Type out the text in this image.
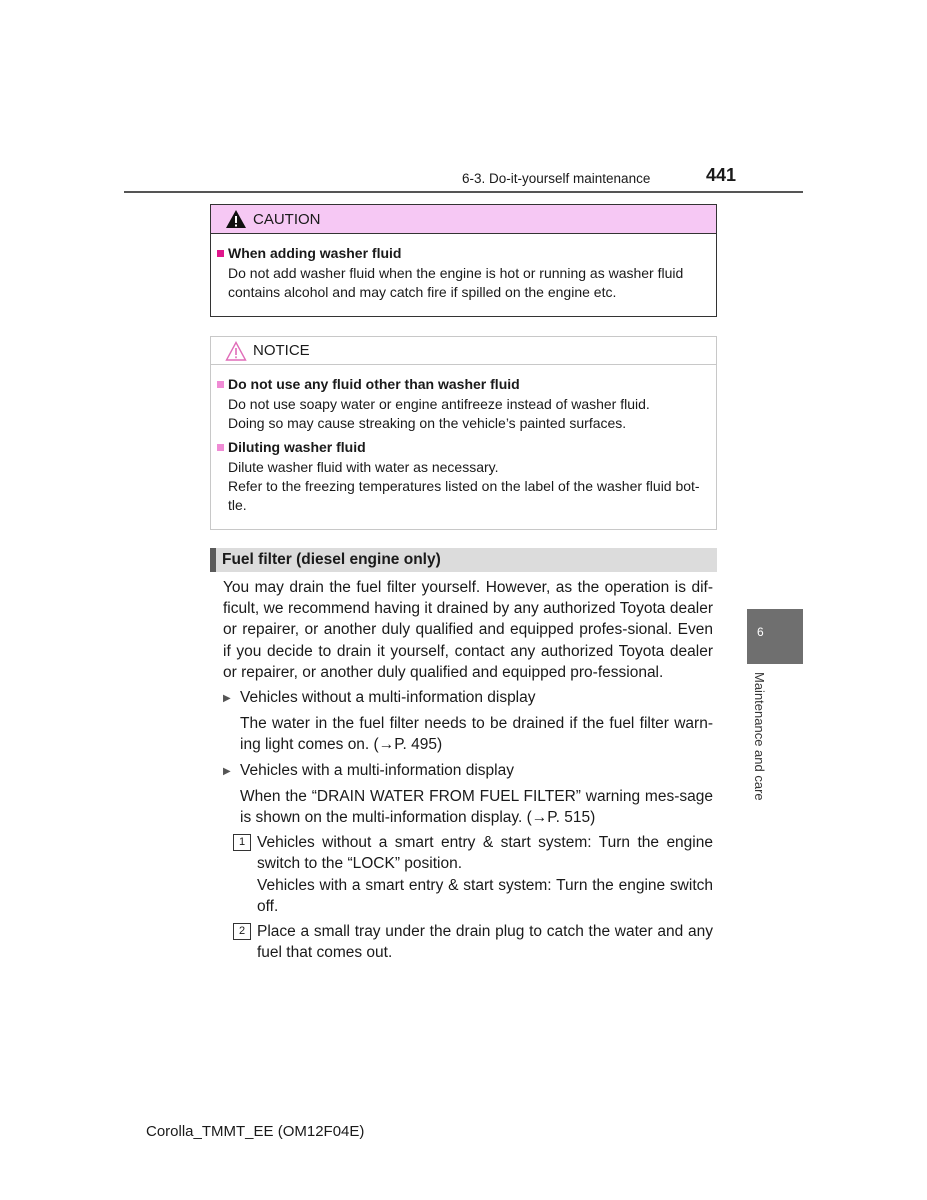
6-3. Do-it-yourself maintenance	441
CAUTION
When adding washer fluid
Do not add washer fluid when the engine is hot or running as washer fluid contains alcohol and may catch fire if spilled on the engine etc.
NOTICE
Do not use any fluid other than washer fluid
Do not use soapy water or engine antifreeze instead of washer fluid.
Doing so may cause streaking on the vehicle’s painted surfaces.
Diluting washer fluid
Dilute washer fluid with water as necessary.
Refer to the freezing temperatures listed on the label of the washer fluid bot-tle.
Fuel filter (diesel engine only)

You may drain the fuel filter yourself. However, as the operation is dif-ficult, we recommend having it drained by any authorized Toyota dealer or repairer, or another duly qualified and equipped profes-sional. Even if you decide to drain it yourself, contact any authorized Toyota dealer or repairer, or another duly qualified and equipped pro-fessional.

▶ Vehicles without a multi-information display

The water in the fuel filter needs to be drained if the fuel filter warn-ing light comes on. (→P. 495)

▶ Vehicles with a multi-information display

When the “DRAIN WATER FROM FUEL FILTER” warning mes-sage is shown on the multi-information display. (→P. 515)

1 Vehicles without a smart entry & start system: Turn the engine switch to the “LOCK” position.

Vehicles with a smart entry & start system: Turn the engine switch off.

2 Place a small tray under the drain plug to catch the water and any fuel that comes out.

6
Maintenance and care
Corolla_TMMT_EE (OM12F04E)
